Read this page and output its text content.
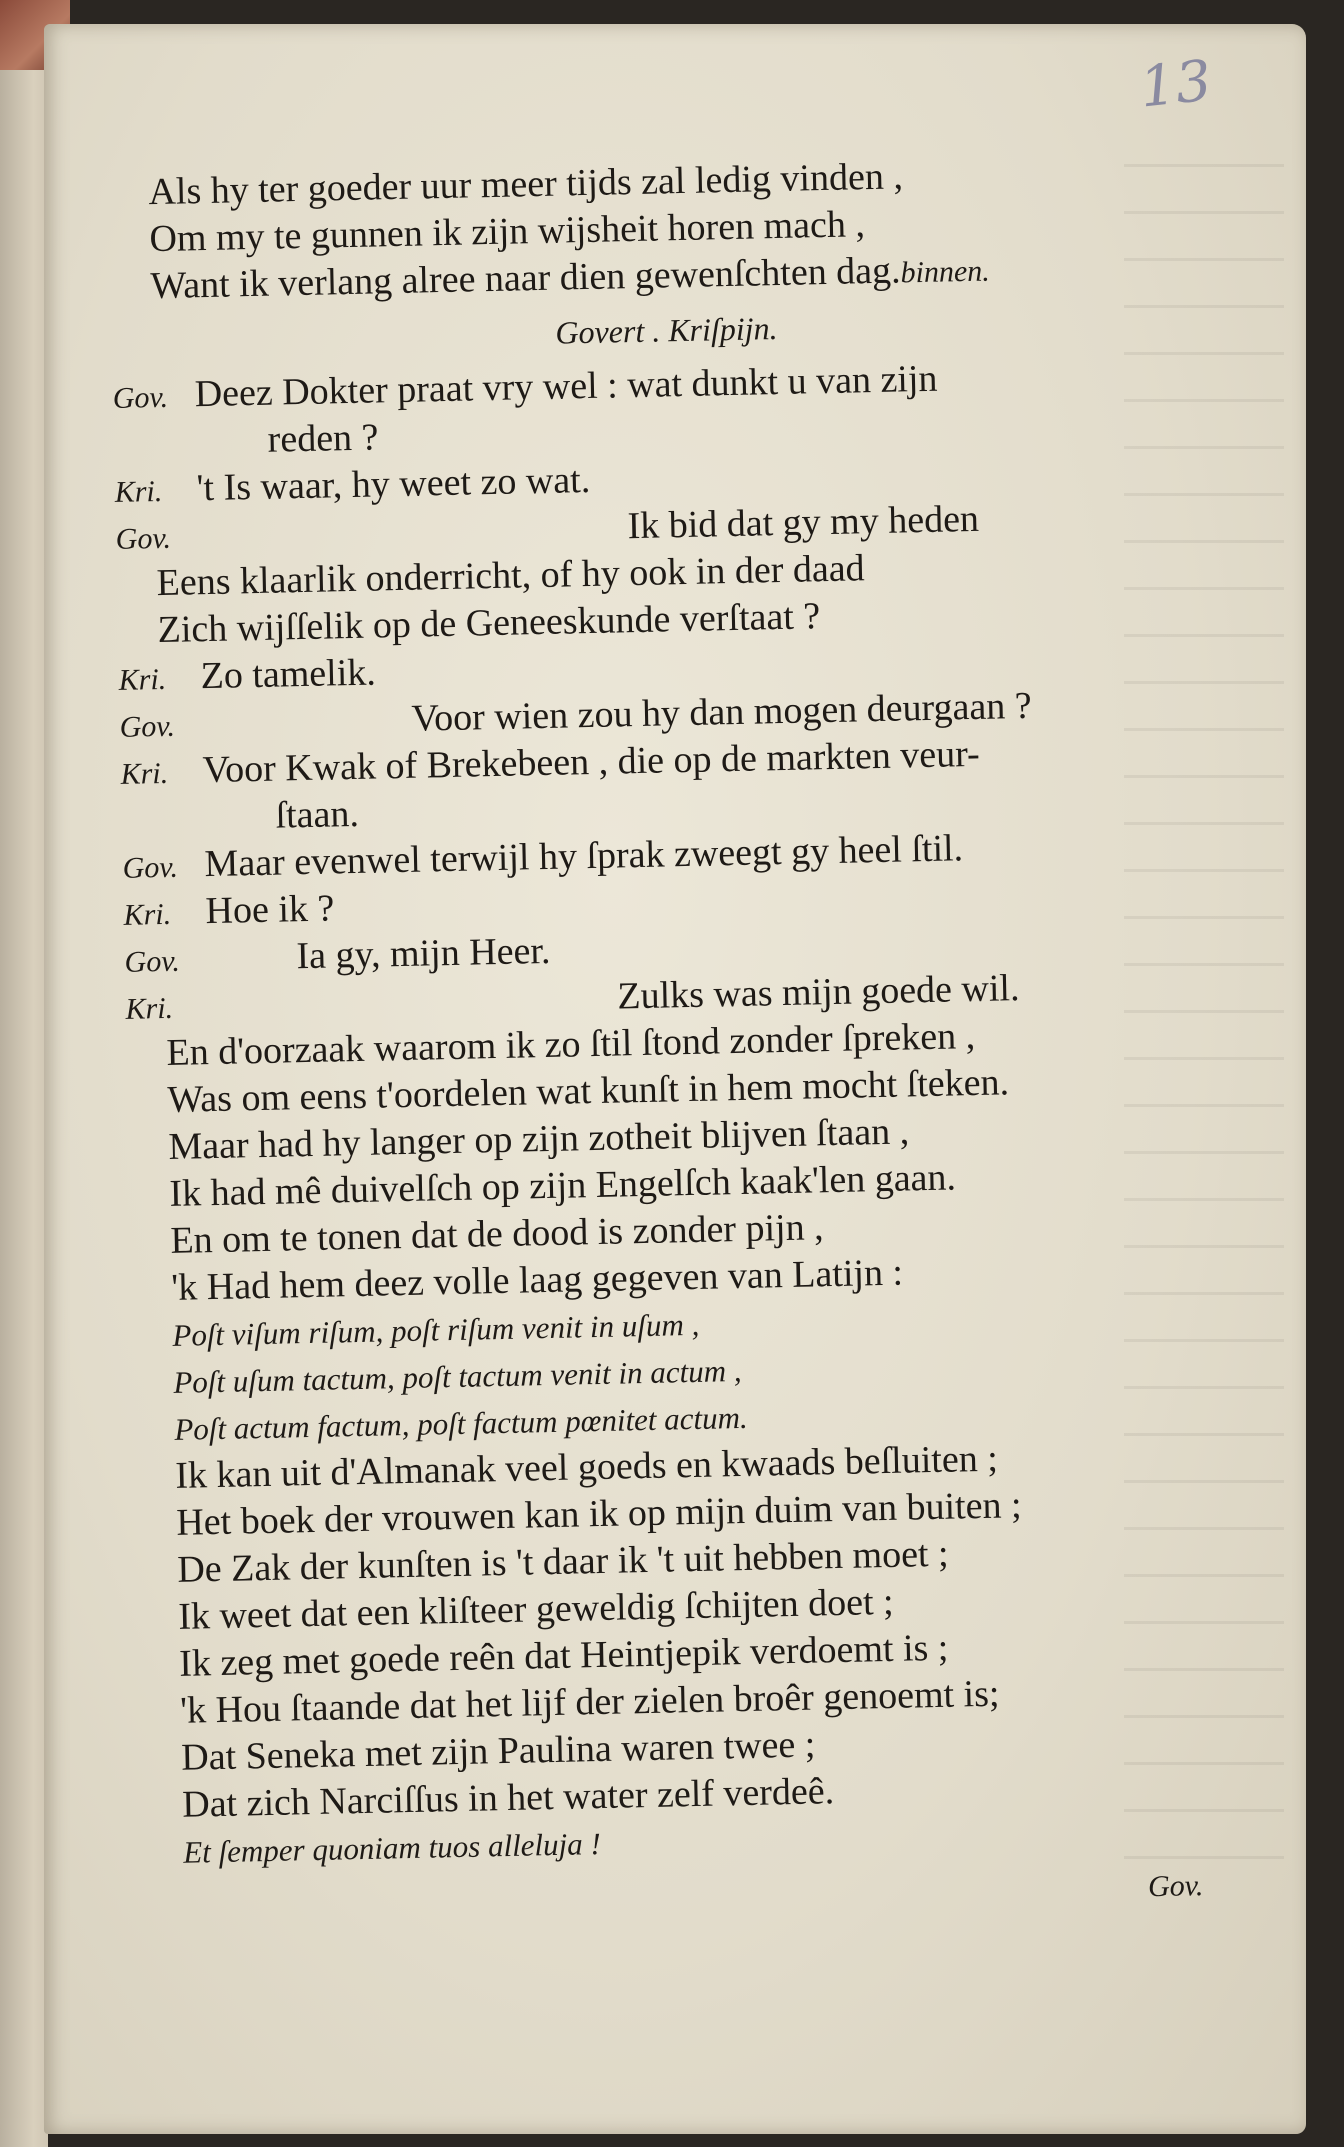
13
Als hy ter goeder uur meer tijds zal ledig vinden ,
Om my te gunnen ik zijn wijsheit horen mach ,
Want ik verlang alree naar dien gewenſchten dag.binnen.
Govert . Kriſpijn.
Gov. Deez Dokter praat vry wel : wat dunkt u van zijn
reden ?
Kri. 't Is waar, hy weet zo wat.
Gov.	Ik bid dat gy my heden
Eens klaarlik onderricht, of hy ook in der daad
Zich wijſſelik op de Geneeskunde verſtaat ?
Kri. Zo tamelik.
Gov.	Voor wien zou hy dan mogen deurgaan ?
Kri. Voor Kwak of Brekebeen , die op de markten veur-
ſtaan.
Gov. Maar evenwel terwijl hy ſprak zweegt gy heel ſtil.
Kri. Hoe ik ?
Gov.	Ia gy, mijn Heer.
Kri.	Zulks was mijn goede wil.
En d'oorzaak waarom ik zo ſtil ſtond zonder ſpreken ,
Was om eens t'oordelen wat kunſt in hem mocht ſteken.
Maar had hy langer op zijn zotheit blijven ſtaan ,
Ik had mê duivelſch op zijn Engelſch kaak'len gaan.
En om te tonen dat de dood is zonder pijn ,
'k Had hem deez volle laag gegeven van Latijn :
Poſt viſum riſum, poſt riſum venit in uſum ,
Poſt uſum tactum, poſt tactum venit in actum ,
Poſt actum factum, poſt factum pœnitet actum.
Ik kan uit d'Almanak veel goeds en kwaads beſluiten ;
Het boek der vrouwen kan ik op mijn duim van buiten ;
De Zak der kunſten is 't daar ik 't uit hebben moet ;
Ik weet dat een kliſteer geweldig ſchijten doet ;
Ik zeg met goede reên dat Heintjepik verdoemt is ;
'k Hou ſtaande dat het lijf der zielen broêr genoemt is;
Dat Seneka met zijn Paulina waren twee ;
Dat zich Narciſſus in het water zelf verdeê.
Et ſemper quoniam tuos alleluja !
Gov.
